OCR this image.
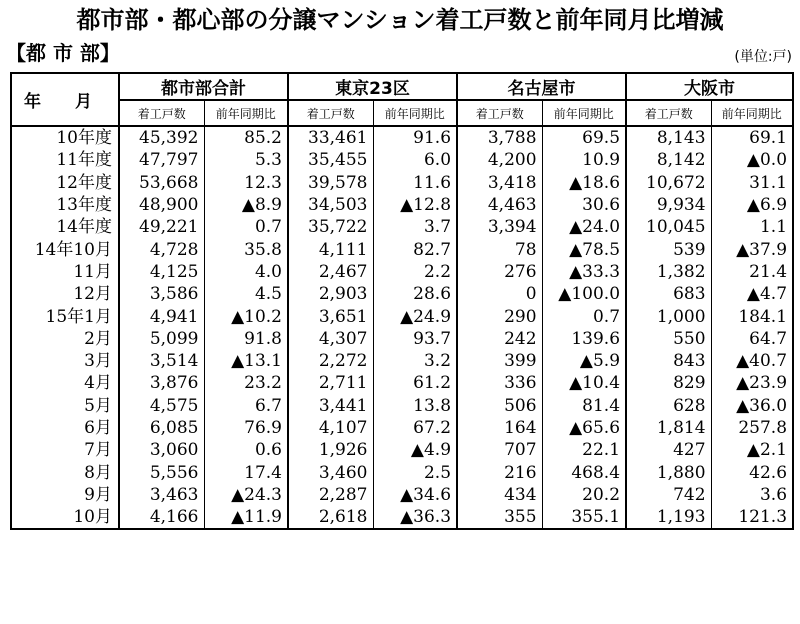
都市部・都心部の分譲マンション着工戸数と前年同月比増減
【都 市 部】	(単位:戸)
年 月	都市部合計		東京23区		名古屋市		大阪市	
	着工戸数	前年同期比	着工戸数	前年同期比	着工戸数	前年同期比	着工戸数	前年同期比
10年度	45,392	85.2	33,461	91.6	3,788	69.5	8,143	69.1
11年度	47,797	5.3	35,455	6.0	4,200	10.9	8,142	▲0.0
12年度	53,668	12.3	39,578	11.6	3,418	▲18.6	10,672	31.1
13年度	48,900	▲8.9	34,503	▲12.8	4,463	30.6	9,934	▲6.9
14年度	49,221	0.7	35,722	3.7	3,394	▲24.0	10,045	1.1
14年10月	4,728	35.8	4,111	82.7	78	▲78.5	539	▲37.9
11月	4,125	4.0	2,467	2.2	276	▲33.3	1,382	21.4
12月	3,586	4.5	2,903	28.6	0	▲100.0	683	▲4.7
15年1月	4,941	▲10.2	3,651	▲24.9	290	0.7	1,000	184.1
2月	5,099	91.8	4,307	93.7	242	139.6	550	64.7
3月	3,514	▲13.1	2,272	3.2	399	▲5.9	843	▲40.7
4月	3,876	23.2	2,711	61.2	336	▲10.4	829	▲23.9
5月	4,575	6.7	3,441	13.8	506	81.4	628	▲36.0
6月	6,085	76.9	4,107	67.2	164	▲65.6	1,814	257.8
7月	3,060	0.6	1,926	▲4.9	707	22.1	427	▲2.1
8月	5,556	17.4	3,460	2.5	216	468.4	1,880	42.6
9月	3,463	▲24.3	2,287	▲34.6	434	20.2	742	3.6
10月	4,166	▲11.9	2,618	▲36.3	355	355.1	1,193	121.3
